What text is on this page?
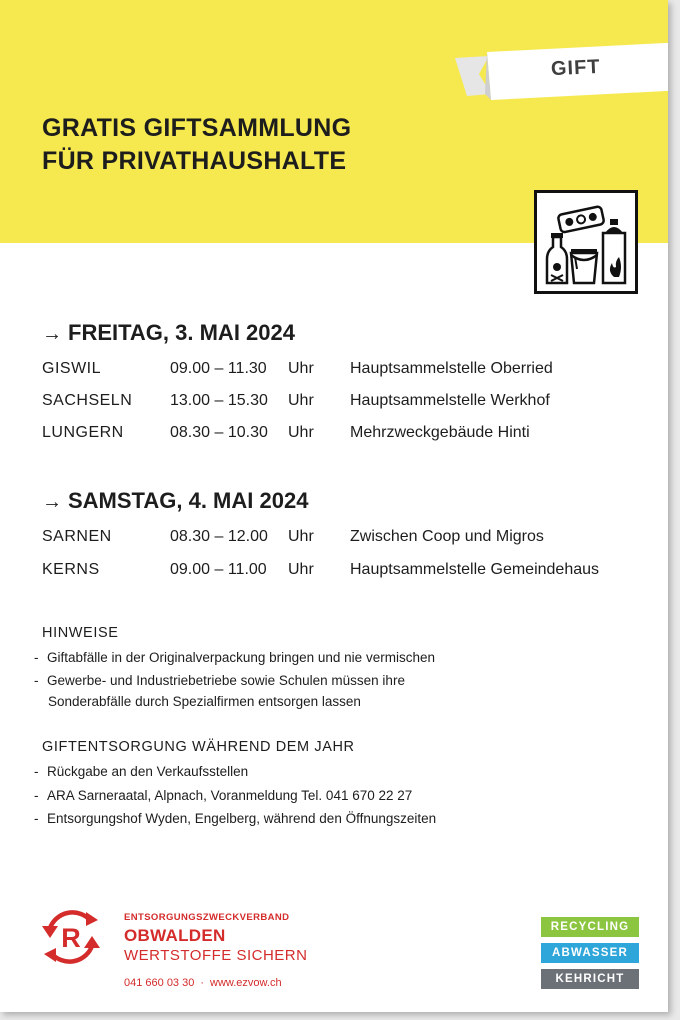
GIFT
GRATIS GIFTSAMMLUNG
FÜR PRIVATHAUSHALTE
→ FREITAG, 3. MAI 2024
GISWIL	09.00 – 11.30 Uhr Hauptsammelstelle Oberried
SACHSELN 13.00 – 15.30 Uhr Hauptsammelstelle Werkhof
LUNGERN	08.30 – 10.30 Uhr Mehrzweckgebäude Hinti
→ SAMSTAG, 4. MAI 2024
SARNEN	08.30 – 12.00 Uhr Zwischen Coop und Migros
KERNS	09.00 – 11.00 Uhr Hauptsammelstelle Gemeindehaus
HINWEISE
- Giftabfälle in der Originalverpackung bringen und nie vermischen
- Gewerbe- und Industriebetriebe sowie Schulen müssen ihre
Sonderabfälle durch Spezialfirmen entsorgen lassen
GIFTENTSORGUNG WÄHREND DEM JAHR
- Rückgabe an den Verkaufsstellen
- ARA Sarneraatal, Alpnach, Voranmeldung Tel. 041 670 22 27
- Entsorgungshof Wyden, Engelberg, während den Öffnungszeiten
R
ENTSORGUNGSZWECKVERBAND
OBWALDEN
WERTSTOFFE SICHERN
041 660 03 30 · www.ezvow.ch
RECYCLING
ABWASSER
KEHRICHT
